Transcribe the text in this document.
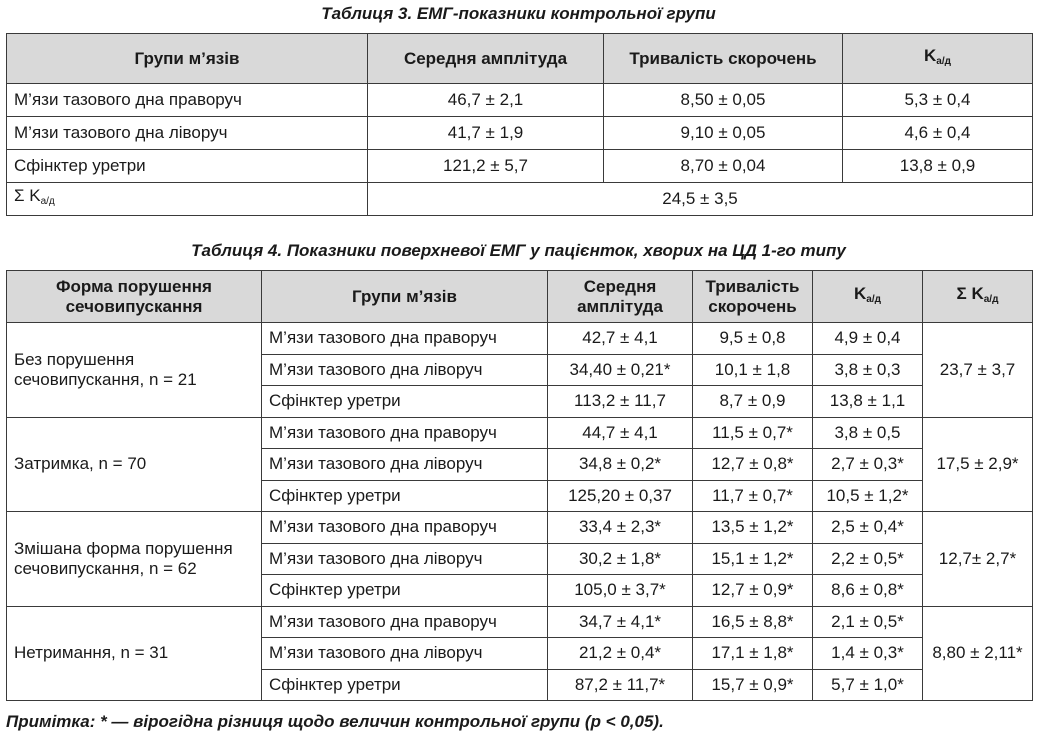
Таблиця 3. ЕМГ-показники контрольної групи
Групи м’язів	Середня амплітуда	Тривалість скорочень	$K_{а/д}$
М’язи тазового дна праворуч	46,7 ± 2,1	8,50 ± 0,05	5,3 ± 0,4
М’язи тазового дна ліворуч	41,7 ± 1,9	9,10 ± 0,05	4,6 ± 0,4
Сфінктер уретри	121,2 ± 5,7	8,70 ± 0,04	13,8 ± 0,9
Σ $K_{а/д}$	24,5 ± 3,5		
Таблиця 4. Показники поверхневої ЕМГ у пацієнток, хворих на ЦД 1-го типу
Форма порушення сечовипускання	Групи м’язів	Середня амплітуда	Тривалість скорочень	$K_{а/д}$	Σ $K_{а/д}$
Без порушення сечовипускання, n = 21	М’язи тазового дна праворуч	42,7 ± 4,1	9,5 ± 0,8	4,9 ± 0,4	23,7 ± 3,7
	М’язи тазового дна ліворуч	34,40 ± 0,21*	10,1 ± 1,8	3,8 ± 0,3	
	Сфінктер уретри	113,2 ± 11,7	8,7 ± 0,9	13,8 ± 1,1	
Затримка, n = 70	М’язи тазового дна праворуч	44,7 ± 4,1	11,5 ± 0,7*	3,8 ± 0,5	17,5 ± 2,9*
	М’язи тазового дна ліворуч	34,8 ± 0,2*	12,7 ± 0,8*	2,7 ± 0,3*	
	Сфінктер уретри	125,20 ± 0,37	11,7 ± 0,7*	10,5 ± 1,2*	
Змішана форма порушення сечовипускання, n = 62	М’язи тазового дна праворуч	33,4 ± 2,3*	13,5 ± 1,2*	2,5 ± 0,4*	12,7± 2,7*
	М’язи тазового дна ліворуч	30,2 ± 1,8*	15,1 ± 1,2*	2,2 ± 0,5*	
	Сфінктер уретри	105,0 ± 3,7*	12,7 ± 0,9*	8,6 ± 0,8*	
Нетримання, n = 31	М’язи тазового дна праворуч	34,7 ± 4,1*	16,5 ± 8,8*	2,1 ± 0,5*	8,80 ± 2,11*
	М’язи тазового дна ліворуч	21,2 ± 0,4*	17,1 ± 1,8*	1,4 ± 0,3*	
	Сфінктер уретри	87,2 ± 11,7*	15,7 ± 0,9*	5,7 ± 1,0*	
Примітка: * — вірогідна різниця щодо величин контрольної групи (p < 0,05).
